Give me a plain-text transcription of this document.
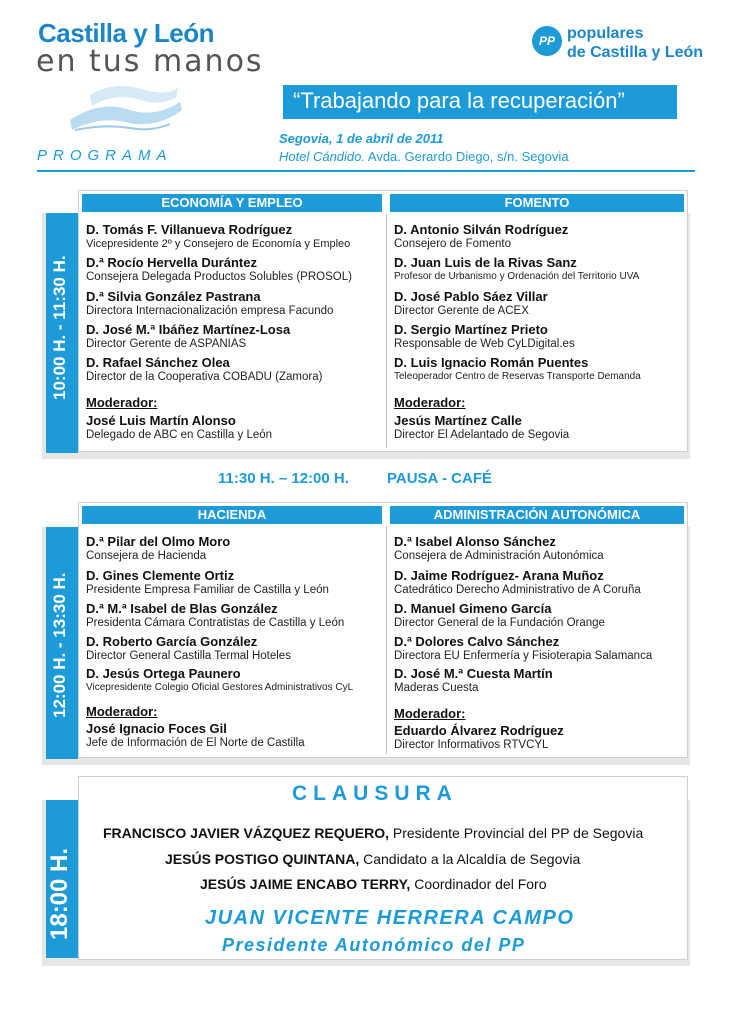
Castilla y León
en tus manos
PP populares
de Castilla y León
“Trabajando para la recuperación”
Segovia, 1 de abril de 2011
Hotel Cándido. Avda. Gerardo Diego, s/n. Segovia
PROGRAMA
10:00 H. - 11:30 H.
ECONOMÍA Y EMPLEO	FOMENTO
D. Tomás F. Villanueva Rodríguez
Vicepresidente 2º y Consejero de Economía y Empleo
D.ª Rocío Hervella Durántez
Consejera Delegada Productos Solubles (PROSOL)
D.ª Silvia González Pastrana
Directora Internacionalización empresa Facundo
D. José M.ª Ibáñez Martínez-Losa
Director Gerente de ASPANIAS
D. Rafael Sánchez Olea
Director de la Cooperativa COBADU (Zamora)
Moderador:
José Luis Martín Alonso
Delegado de ABC en Castilla y León
D. Antonio Silván Rodríguez
Consejero de Fomento
D. Juan Luis de la Rivas Sanz
Profesor de Urbanismo y Ordenación del Territorio UVA
D. José Pablo Sáez Villar
Director Gerente de ACEX
D. Sergio Martínez Prieto
Responsable de Web CyLDigital.es
D. Luis Ignacio Román Puentes
Teleoperador Centro de Reservas Transporte Demanda
Moderador:
Jesús Martínez Calle
Director El Adelantado de Segovia
11:30 H. – 12:00 H.	PAUSA - CAFÉ
12:00 H. - 13:30 H.
HACIENDA	ADMINISTRACIÓN AUTONÓMICA
D.ª Pilar del Olmo Moro
Consejera de Hacienda
D. Gines Clemente Ortiz
Presidente Empresa Familiar de Castilla y León
D.ª M.ª Isabel de Blas González
Presidenta Cámara Contratistas de Castilla y León
D. Roberto García González
Director General Castilla Termal Hoteles
D. Jesús Ortega Paunero
Vicepresidente Colegio Oficial Gestores Administrativos CyL
Moderador:
José Ignacio Foces Gil
Jefe de Información de El Norte de Castilla
D.ª Isabel Alonso Sánchez
Consejera de Administración Autonómica
D. Jaime Rodríguez- Arana Muñoz
Catedrático Derecho Administrativo de A Coruña
D. Manuel Gimeno García
Director General de la Fundación Orange
D.ª Dolores Calvo Sánchez
Directora EU Enfermería y Fisioterapia Salamanca
D. José M.ª Cuesta Martín
Maderas Cuesta
Moderador:
Eduardo Álvarez Rodríguez
Director Informativos RTVCYL
18:00 H.
CLAUSURA
FRANCISCO JAVIER VÁZQUEZ REQUERO, Presidente Provincial del PP de Segovia
JESÚS POSTIGO QUINTANA, Candidato a la Alcaldía de Segovia
JESÚS JAIME ENCABO TERRY, Coordinador del Foro
JUAN VICENTE HERRERA CAMPO
Presidente Autonómico del PP
